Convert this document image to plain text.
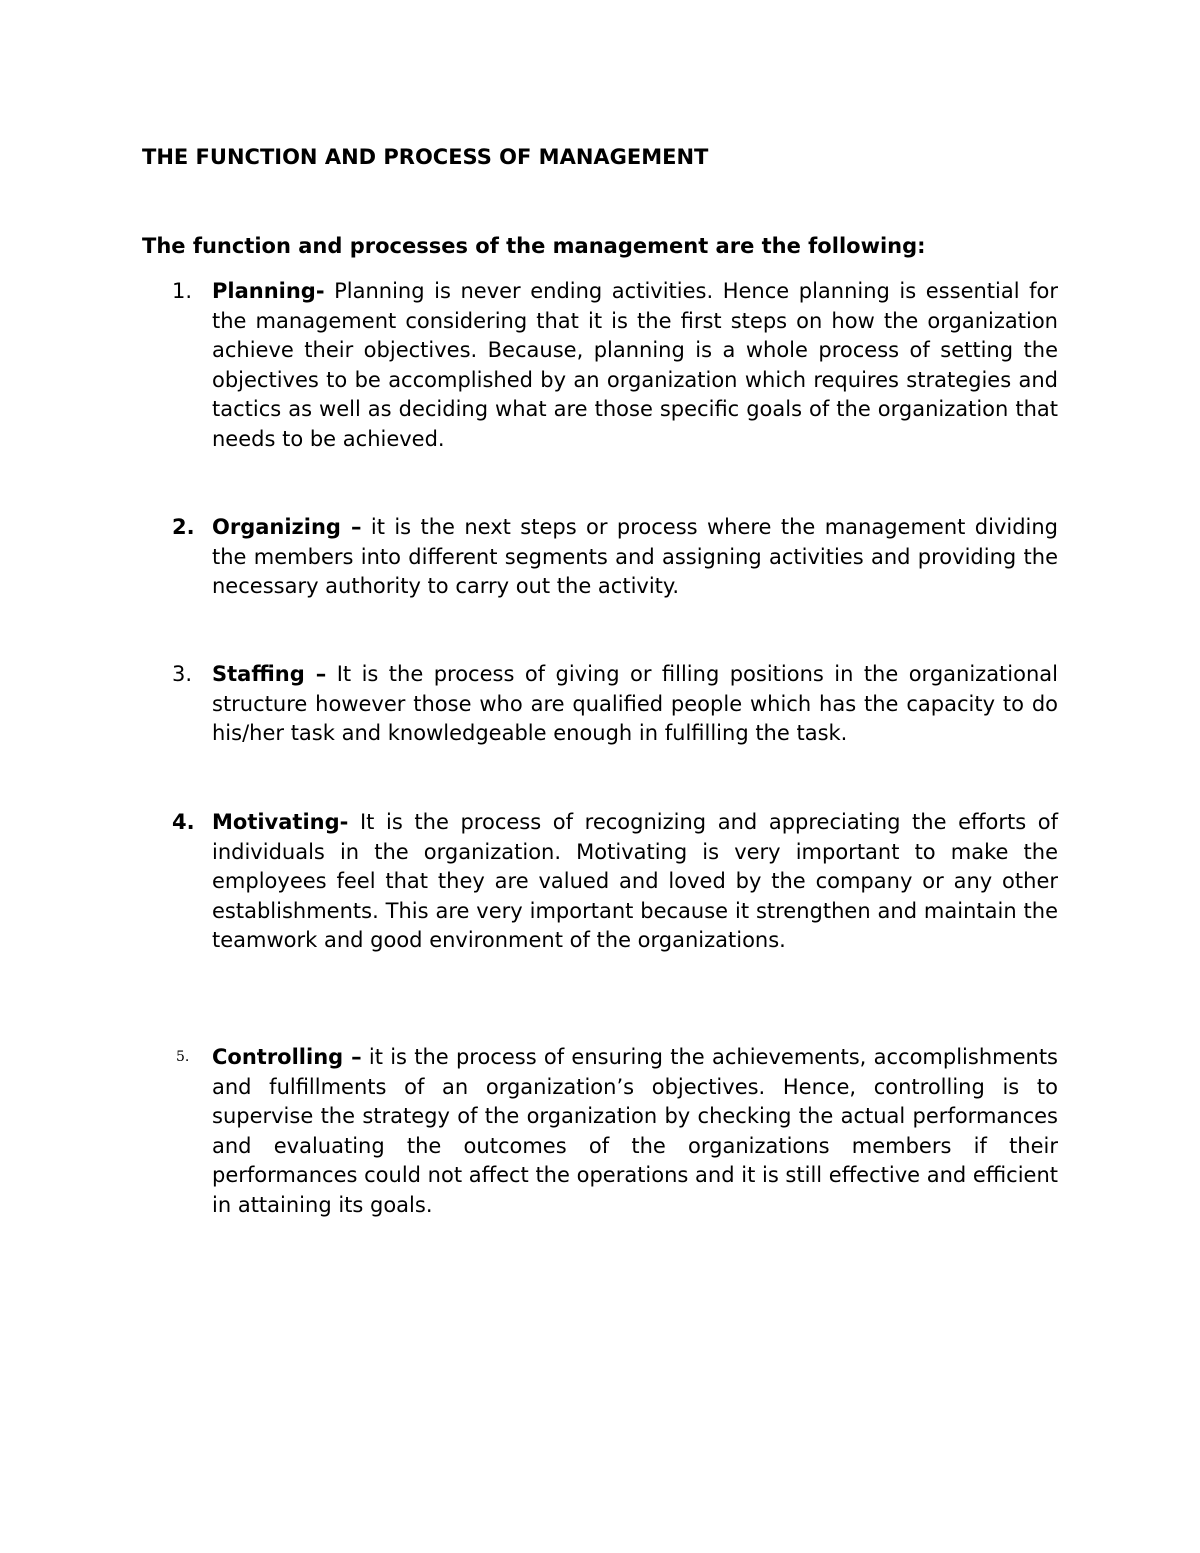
THE FUNCTION AND PROCESS OF MANAGEMENT

The function and processes of the management are the following:

1. Planning- Planning is never ending activities. Hence planning is essential for the management considering that it is the first steps on how the organization achieve their objectives. Because, planning is a whole process of setting the objectives to be accomplished by an organization which requires strategies and tactics as well as deciding what are those specific goals of the organization that needs to be achieved.

2. Organizing – it is the next steps or process where the management dividing the members into different segments and assigning activities and providing the necessary authority to carry out the activity.

3. Staffing – It is the process of giving or filling positions in the organizational structure however those who are qualified people which has the capacity to do his/her task and knowledgeable enough in fulfilling the task.

4. Motivating- It is the process of recognizing and appreciating the efforts of individuals in the organization. Motivating is very important to make the employees feel that they are valued and loved by the company or any other establishments. This are very important because it strengthen and maintain the teamwork and good environment of the organizations.

5. Controlling – it is the process of ensuring the achievements, accomplishments and fulfillments of an organization’s objectives. Hence, controlling is to supervise the strategy of the organization by checking the actual performances and evaluating the outcomes of the organizations members if their performances could not affect the operations and it is still effective and efficient in attaining its goals.
